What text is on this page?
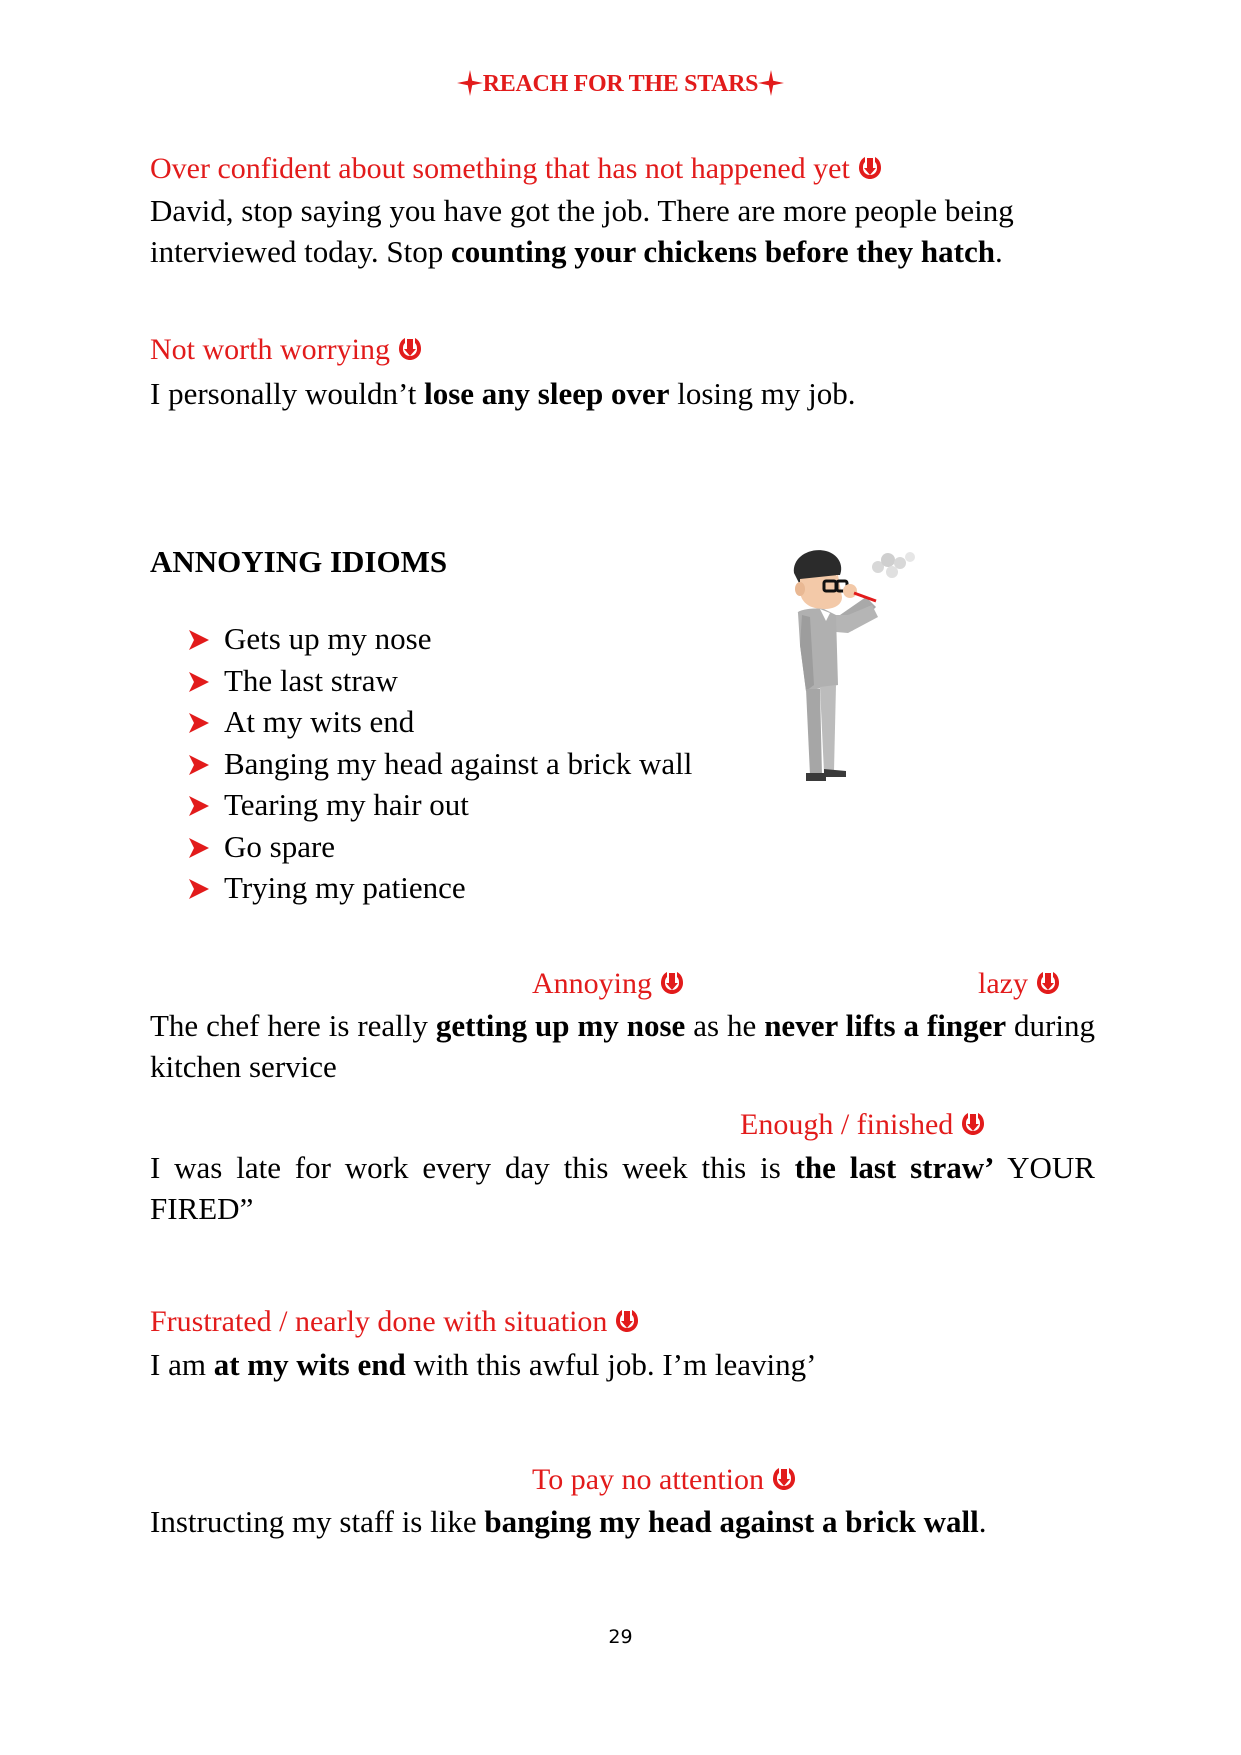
REACH FOR THE STARS
Over confident about something that has not happened yet
David, stop saying you have got the job. There are more people being interviewed today. Stop counting your chickens before they hatch.
Not worth worrying
I personally wouldn’t lose any sleep over losing my job.
ANNOYING IDIOMS
Gets up my nose
The last straw
At my wits end
Banging my head against a brick wall
Tearing my hair out
Go spare
Trying my patience
Annoying	lazy
The chef here is really getting up my nose as he never lifts a finger during kitchen service
Enough / finished
I was late for work every day this week this is the last straw’ YOUR FIRED”
Frustrated / nearly done with situation
I am at my wits end with this awful job. I’m leaving’
To pay no attention
Instructing my staff is like banging my head against a brick wall.
29
